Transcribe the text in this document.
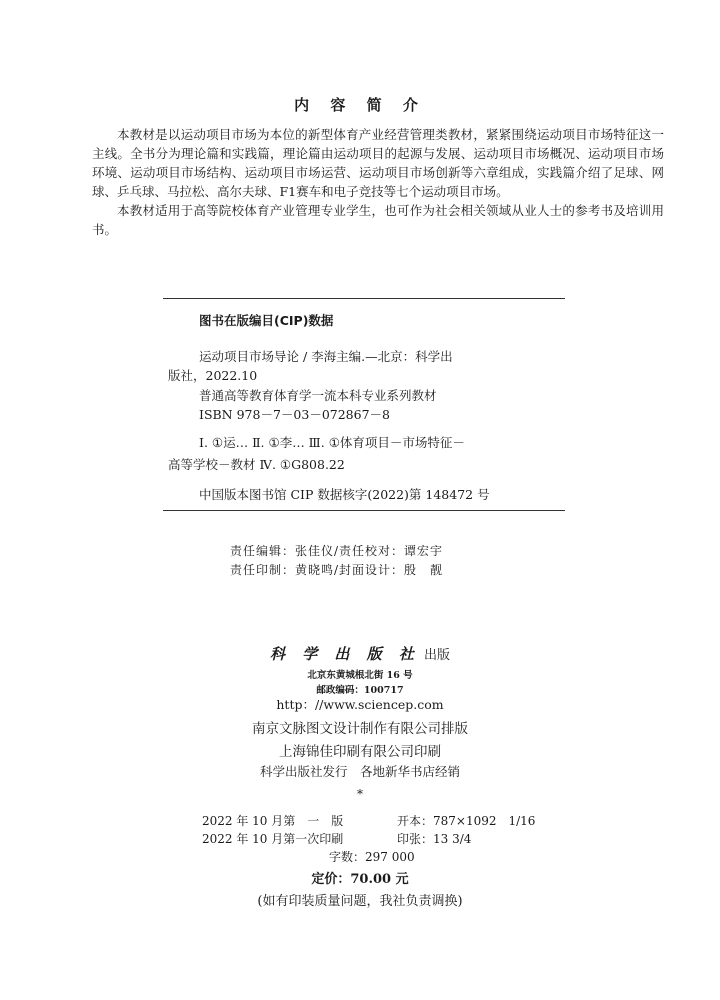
内 容 简 介

本教材是以运动项目市场为本位的新型体育产业经营管理类教材，紧紧围绕运动项目市场特征这一主线。全书分为理论篇和实践篇，理论篇由运动项目的起源与发展、运动项目市场概况、运动项目市场环境、运动项目市场结构、运动项目市场运营、运动项目市场创新等六章组成，实践篇介绍了足球、网球、乒乓球、马拉松、高尔夫球、F1赛车和电子竞技等七个运动项目市场。

本教材适用于高等院校体育产业管理专业学生，也可作为社会相关领域从业人士的参考书及培训用书。

图书在版编目(CIP)数据
运动项目市场导论 / 李海主编.—北京：科学出
版社，2022.10
普通高等教育体育学一流本科专业系列教材
ISBN 978－7－03－072867－8
Ⅰ. ①运… Ⅱ. ①李… Ⅲ. ①体育项目－市场特征－
高等学校－教材 Ⅳ. ①G808.22
中国版本图书馆 CIP 数据核字(2022)第 148472 号
责任编辑：张佳仪/责任校对：谭宏宇
责任印制：黄晓鸣/封面设计：殷　靓
科 学 出 版 社 出版
北京东黄城根北街 16 号
邮政编码：100717
http：//www.sciencep.com
南京文脉图文设计制作有限公司排版
上海锦佳印刷有限公司印刷
科学出版社发行　各地新华书店经销
*
2022 年 10 月第　一　版	开本：787×1092　1/16
2022 年 10 月第一次印刷	印张：13 3/4
字数：297 000
定价：70.00 元
(如有印装质量问题，我社负责调换)
